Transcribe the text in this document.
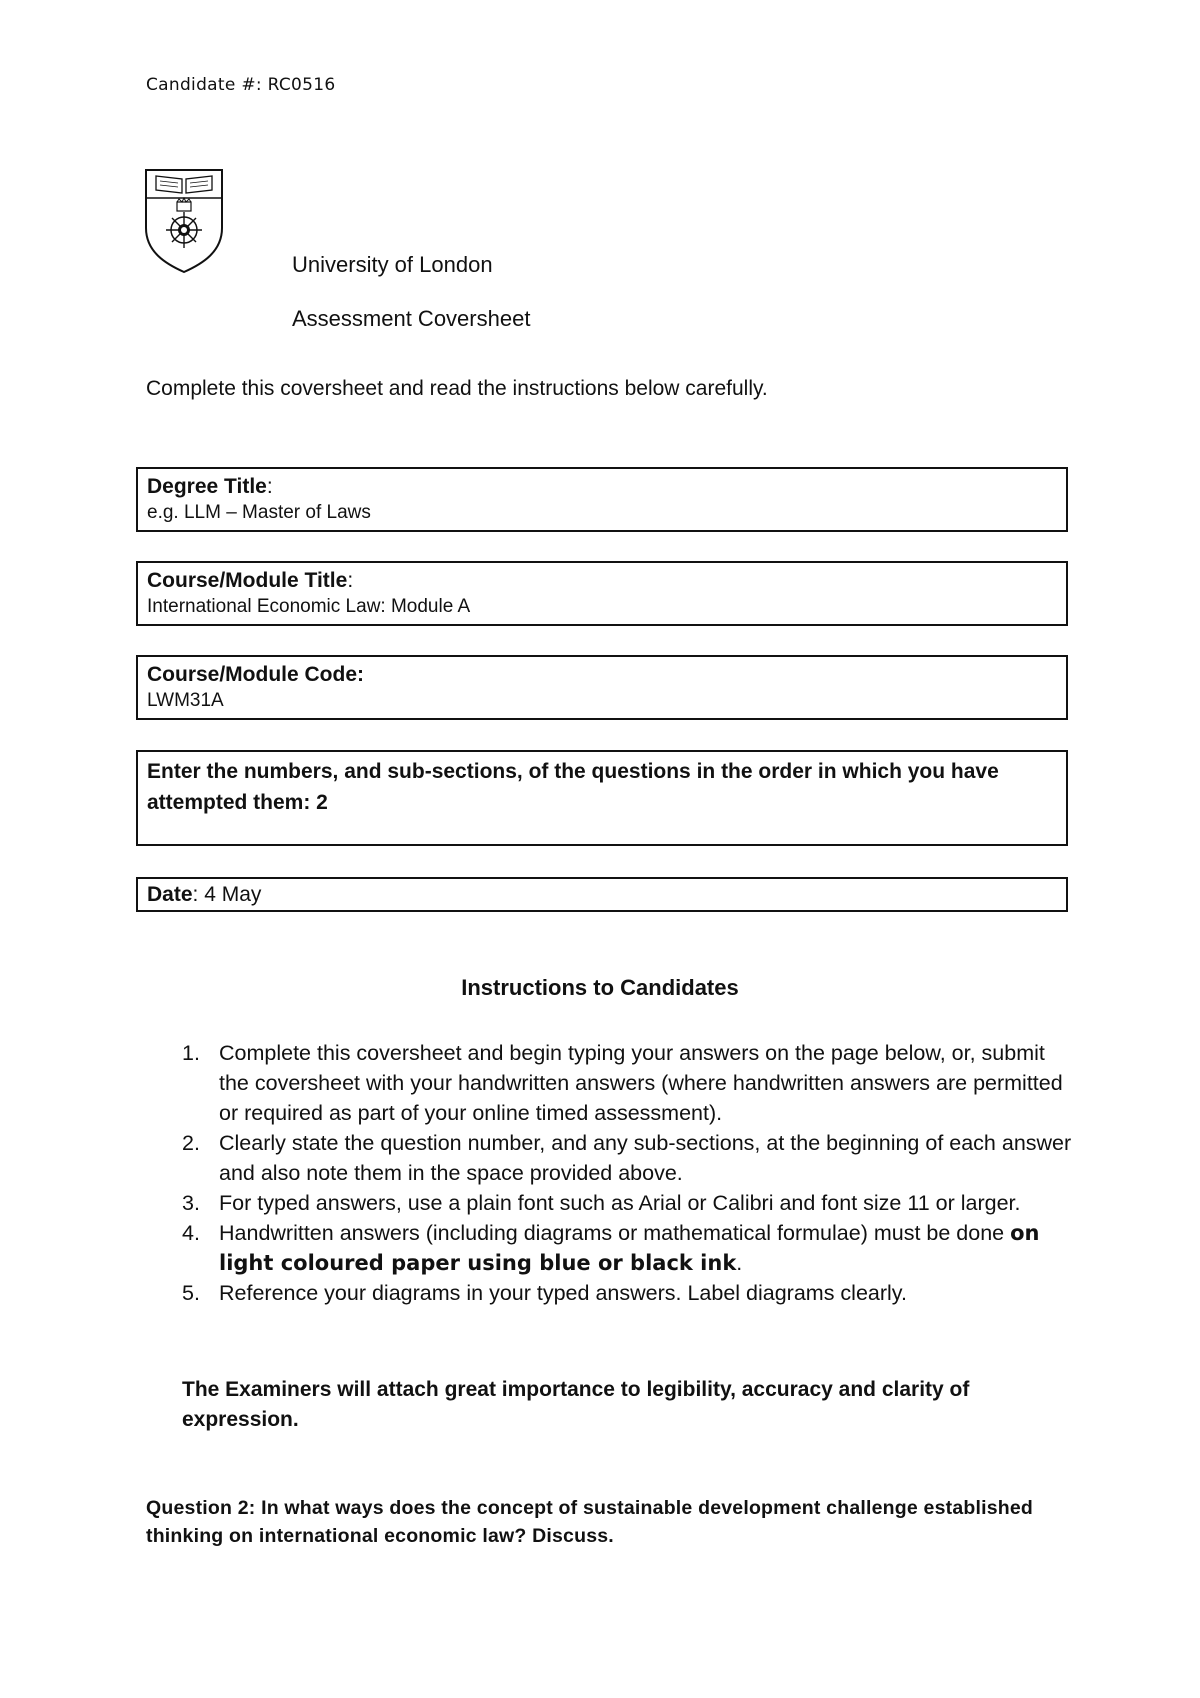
Candidate #: RC0516
University of London
Assessment Coversheet
Complete this coversheet and read the instructions below carefully.
Degree Title:
e.g. LLM – Master of Laws
Course/Module Title:
International Economic Law: Module A
Course/Module Code:
LWM31A
Enter the numbers, and sub-sections, of the questions in the order in which you have attempted them: 2
Date: 4 May
Instructions to Candidates
1. Complete this coversheet and begin typing your answers on the page below, or, submit the coversheet with your handwritten answers (where handwritten answers are permitted or required as part of your online timed assessment).
2. Clearly state the question number, and any sub-sections, at the beginning of each answer and also note them in the space provided above.
3. For typed answers, use a plain font such as Arial or Calibri and font size 11 or larger.
4. Handwritten answers (including diagrams or mathematical formulae) must be done on light coloured paper using blue or black ink.
5. Reference your diagrams in your typed answers. Label diagrams clearly.
The Examiners will attach great importance to legibility, accuracy and clarity of expression.
Question 2: In what ways does the concept of sustainable development challenge established thinking on international economic law? Discuss.
